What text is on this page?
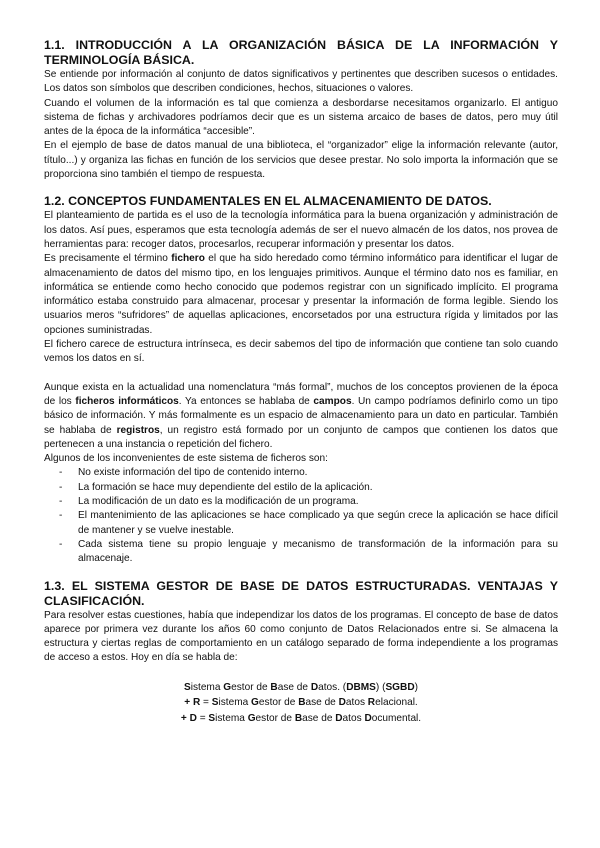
1.1. INTRODUCCIÓN A LA ORGANIZACIÓN BÁSICA DE LA INFORMACIÓN Y TERMINOLOGÍA BÁSICA.

Se entiende por información al conjunto de datos significativos y pertinentes que describen sucesos o entidades. Los datos son símbolos que describen condiciones, hechos, situaciones o valores.

Cuando el volumen de la información es tal que comienza a desbordarse necesitamos organizarlo. El antiguo sistema de fichas y archivadores podríamos decir que es un sistema arcaico de bases de datos, pero muy útil antes de la época de la informática “accesible”.

En el ejemplo de base de datos manual de una biblioteca, el “organizador” elige la información relevante (autor, título...) y organiza las fichas en función de los servicios que desee prestar. No solo importa la información que se proporciona sino también el tiempo de respuesta.

1.2. CONCEPTOS FUNDAMENTALES EN EL ALMACENAMIENTO DE DATOS.

El planteamiento de partida es el uso de la tecnología informática para la buena organización y administración de los datos. Así pues, esperamos que esta tecnología además de ser el nuevo almacén de los datos, nos provea de herramientas para: recoger datos, procesarlos, recuperar información y presentar los datos.

Es precisamente el término fichero el que ha sido heredado como término informático para identificar el lugar de almacenamiento de datos del mismo tipo, en los lenguajes primitivos. Aunque el término dato nos es familiar, en informática se entiende como hecho conocido que podemos registrar con un significado implícito. El programa informático estaba construido para almacenar, procesar y presentar la información de forma legible. Siendo los usuarios meros “sufridores” de aquellas aplicaciones, encorsetados por una estructura rígida y limitados por las opciones suministradas.

El fichero carece de estructura intrínseca, es decir sabemos del tipo de información que contiene tan solo cuando vemos los datos en sí.

Aunque exista en la actualidad una nomenclatura “más formal”, muchos de los conceptos provienen de la época de los ficheros informáticos. Ya entonces se hablaba de campos. Un campo podríamos definirlo como un tipo básico de información. Y más formalmente es un espacio de almacenamiento para un dato en particular. También se hablaba de registros, un registro está formado por un conjunto de campos que contienen los datos que pertenecen a una instancia o repetición del fichero.

Algunos de los inconvenientes de este sistema de ficheros son:

- No existe información del tipo de contenido interno.
- La formación se hace muy dependiente del estilo de la aplicación.
- La modificación de un dato es la modificación de un programa.
- El mantenimiento de las aplicaciones se hace complicado ya que según crece la aplicación se hace difícil de mantener y se vuelve inestable.
- Cada sistema tiene su propio lenguaje y mecanismo de transformación de la información para su almacenaje.
1.3. EL SISTEMA GESTOR DE BASE DE DATOS ESTRUCTURADAS. VENTAJAS Y CLASIFICACIÓN.

Para resolver estas cuestiones, había que independizar los datos de los programas. El concepto de base de datos aparece por primera vez durante los años 60 como conjunto de Datos Relacionados entre si. Se almacena la estructura y ciertas reglas de comportamiento en un catálogo separado de forma independiente a los programas de acceso a estos. Hoy en día se habla de:

Sistema Gestor de Base de Datos. (DBMS) (SGBD)
+ R = Sistema Gestor de Base de Datos Relacional.
+ D = Sistema Gestor de Base de Datos Documental.
